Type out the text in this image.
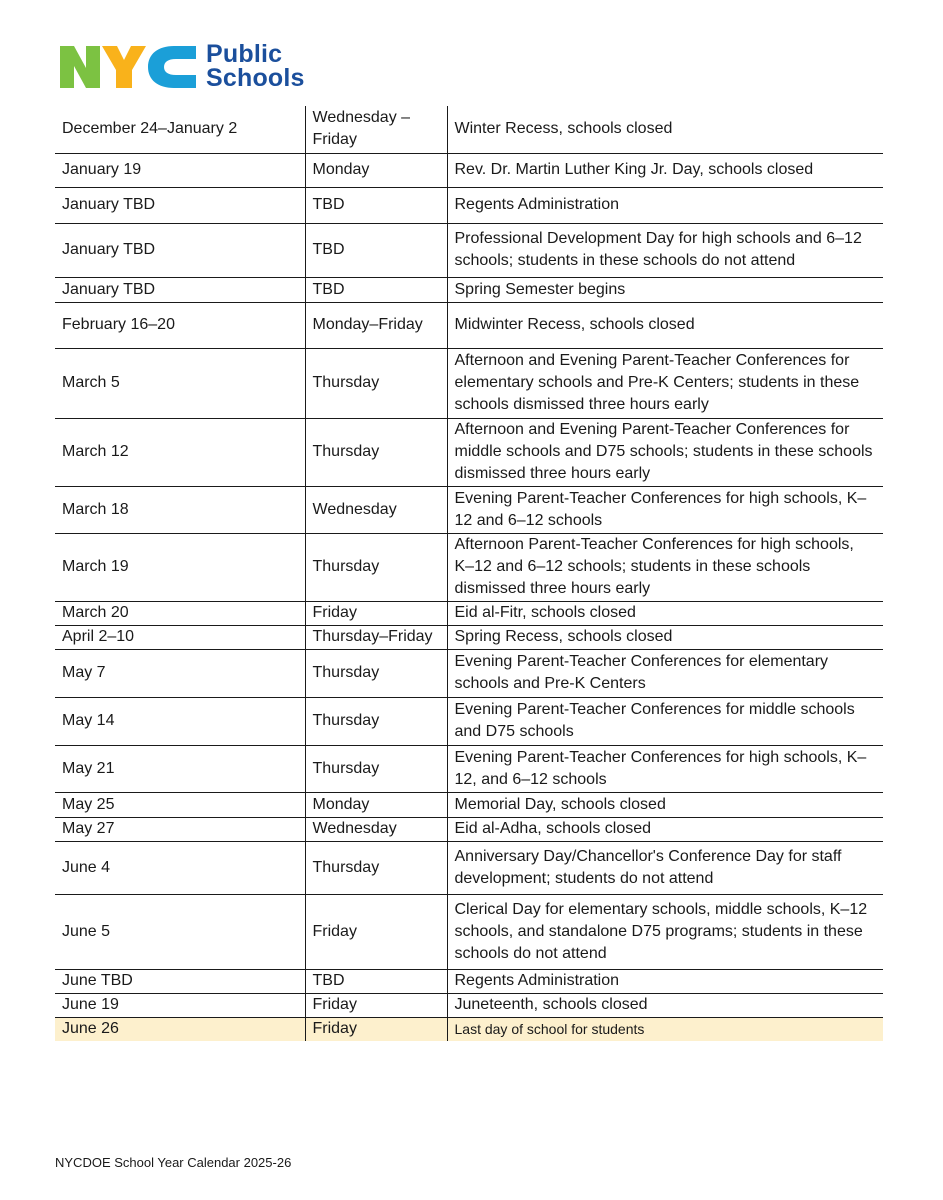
Public
Schools
December 24–January 2	Wednesday –Friday	Winter Recess, schools closed
January 19	Monday	Rev. Dr. Martin Luther King Jr. Day, schools closed
January TBD	TBD	Regents Administration
January TBD	TBD	Professional Development Day for high schools and 6–12 schools; students in these schools do not attend
January TBD	TBD	Spring Semester begins
February 16–20	Monday–Friday	Midwinter Recess, schools closed
March 5	Thursday	Afternoon and Evening Parent-Teacher Conferences for elementary schools and Pre-K Centers; students in these schools dismissed three hours early
March 12	Thursday	Afternoon and Evening Parent-Teacher Conferences for middle schools and D75 schools; students in these schools dismissed three hours early
March 18	Wednesday	Evening Parent-Teacher Conferences for high schools, K–12 and 6–12 schools
March 19	Thursday	Afternoon Parent-Teacher Conferences for high schools, K–12 and 6–12 schools; students in these schools dismissed three hours early
March 20	Friday	Eid al-Fitr, schools closed
April 2–10	Thursday–Friday	Spring Recess, schools closed
May 7	Thursday	Evening Parent-Teacher Conferences for elementary schools and Pre-K Centers
May 14	Thursday	Evening Parent-Teacher Conferences for middle schools and D75 schools
May 21	Thursday	Evening Parent-Teacher Conferences for high schools, K–12, and 6–12 schools
May 25	Monday	Memorial Day, schools closed
May 27	Wednesday	Eid al-Adha, schools closed
June 4	Thursday	Anniversary Day/Chancellor's Conference Day for staff development; students do not attend
June 5	Friday	Clerical Day for elementary schools, middle schools, K–12 schools, and standalone D75 programs; students in these schools do not attend
June TBD	TBD	Regents Administration
June 19	Friday	Juneteenth, schools closed
June 26	Friday	Last day of school for students
NYCDOE School Year Calendar 2025-26
